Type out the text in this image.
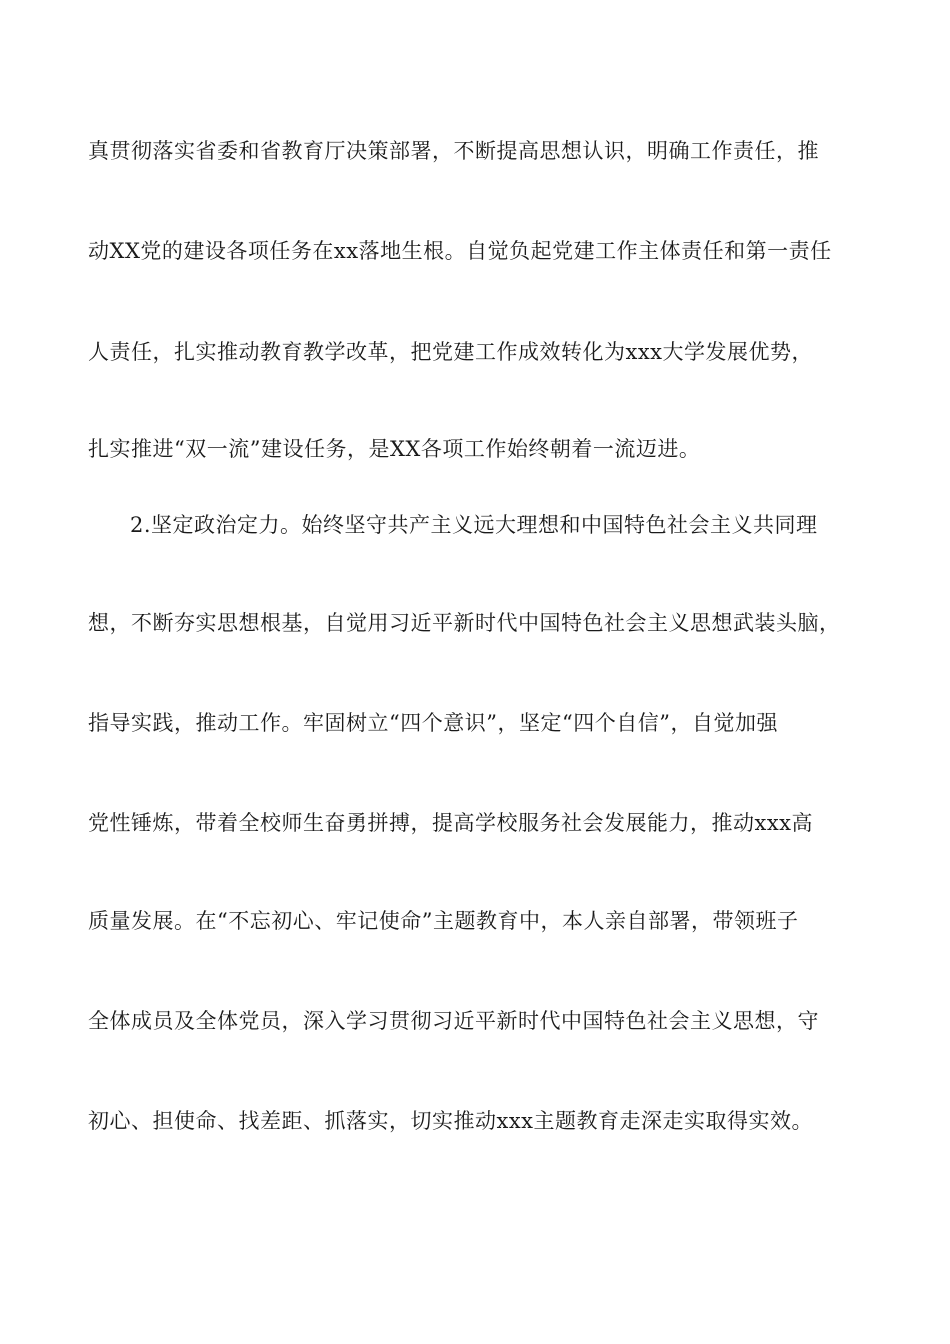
真贯彻落实省委和省教育厅决策部署，不断提高思想认识，明确工作责任，推
动XX党的建设各项任务在xx落地生根。自觉负起党建工作主体责任和第一责任
人责任，扎实推动教育教学改革，把党建工作成效转化为xxx大学发展优势，
扎实推进“双一流”建设任务，是XX各项工作始终朝着一流迈进。
2.坚定政治定力。始终坚守共产主义远大理想和中国特色社会主义共同理
想，不断夯实思想根基，自觉用习近平新时代中国特色社会主义思想武装头脑，
指导实践，推动工作。牢固树立“四个意识”，坚定“四个自信”，自觉加强
党性锤炼，带着全校师生奋勇拼搏，提高学校服务社会发展能力，推动xxx高
质量发展。在“不忘初心、牢记使命”主题教育中，本人亲自部署，带领班子
全体成员及全体党员，深入学习贯彻习近平新时代中国特色社会主义思想，守
初心、担使命、找差距、抓落实，切实推动xxx主题教育走深走实取得实效。
